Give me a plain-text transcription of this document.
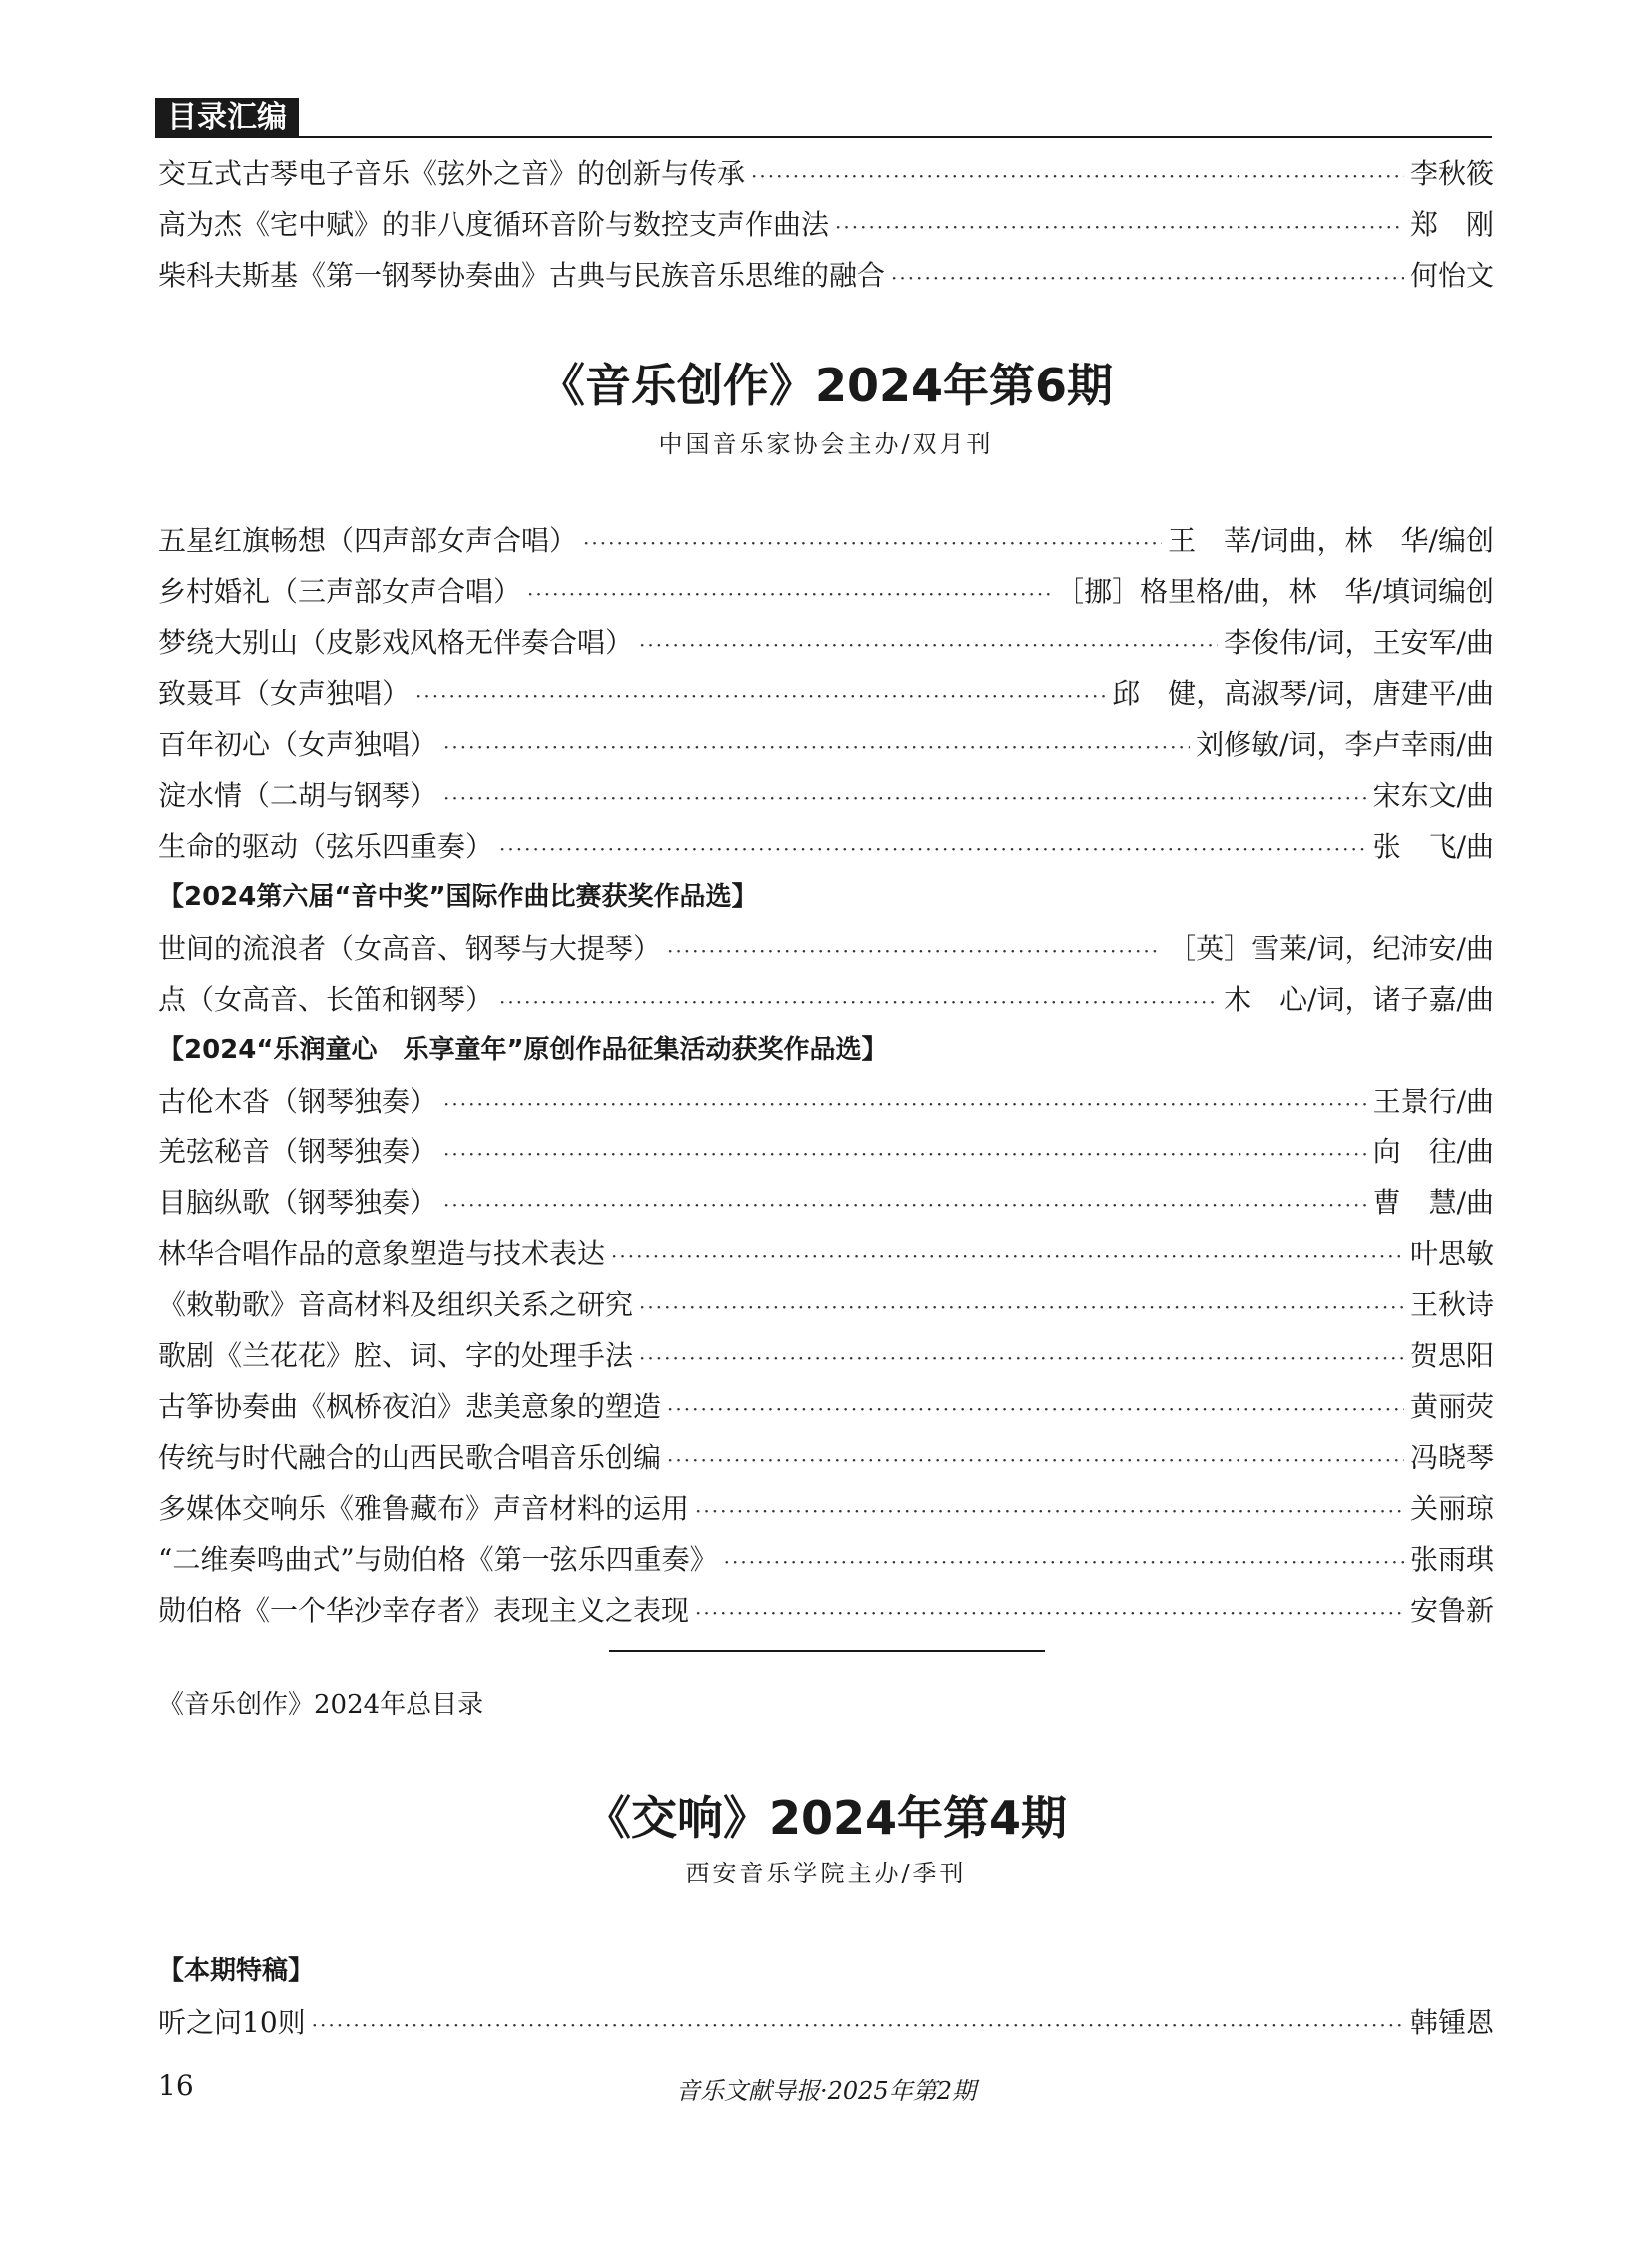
目录汇编
交互式古琴电子音乐《弦外之音》的创新与传承 ·····	李秋筱
高为杰《宅中赋》的非八度循环音阶与数控支声作曲法 ·····	郑　刚
柴科夫斯基《第一钢琴协奏曲》古典与民族音乐思维的融合 ·····	何怡文
《音乐创作》2024年第6期
中国音乐家协会主办/双月刊
五星红旗畅想（四声部女声合唱） ·····	王　莘/词曲，林　华/编创
乡村婚礼（三声部女声合唱） ·····	［挪］格里格/曲，林　华/填词编创
梦绕大别山（皮影戏风格无伴奏合唱） ·····	李俊伟/词，王安军/曲
致聂耳（女声独唱） ·····	邱　健，高淑琴/词，唐建平/曲
百年初心（女声独唱） ·····	刘修敏/词，李卢幸雨/曲
淀水情（二胡与钢琴） ·····	宋东文/曲
生命的驱动（弦乐四重奏） ·····	张　飞/曲
【2024第六届“音中奖”国际作曲比赛获奖作品选】
世间的流浪者（女高音、钢琴与大提琴） ·····	［英］雪莱/词，纪沛安/曲
点（女高音、长笛和钢琴） ·····	木　心/词，诸子嘉/曲
【2024“乐润童心　乐享童年”原创作品征集活动获奖作品选】
古伦木沓（钢琴独奏） ·····	王景行/曲
羌弦秘音（钢琴独奏） ·····	向　往/曲
目脑纵歌（钢琴独奏） ·····	曹　慧/曲
林华合唱作品的意象塑造与技术表达 ·····	叶思敏
《敕勒歌》音高材料及组织关系之研究 ·····	王秋诗
歌剧《兰花花》腔、词、字的处理手法 ·····	贺思阳
古筝协奏曲《枫桥夜泊》悲美意象的塑造 ·····	黄丽荧
传统与时代融合的山西民歌合唱音乐创编 ·····	冯晓琴
多媒体交响乐《雅鲁藏布》声音材料的运用 ·····	关丽琼
“二维奏鸣曲式”与勋伯格《第一弦乐四重奏》 ·····	张雨琪
勋伯格《一个华沙幸存者》表现主义之表现 ·····	安鲁新
《音乐创作》2024年总目录
《交响》2024年第4期
西安音乐学院主办/季刊
【本期特稿】
听之问10则 ·····	韩锺恩
16	音乐文献导报·2025年第2期
